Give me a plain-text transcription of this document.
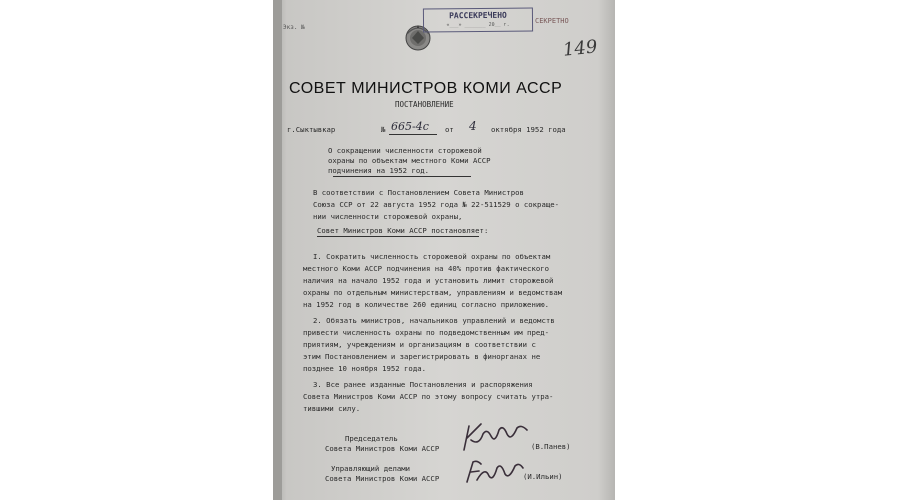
Экз. №
РАССЕКРЕЧЕНО
«___» _______ 20__ г.	СЕКРЕТНО
149
СОВЕТ МИНИСТРОВ КОМИ АССР
ПОСТАНОВЛЕНИЕ
г.Сыктывкар	№ 665-4с от 4 октября 1952 года
О сокращении численности сторожевой
охраны по объектам местного Коми АССР
подчинения на 1952 год.
В соответствии с Постановлением Совета Министров
Союза ССР от 22 августа 1952 года № 22-511529 о сокраще-
нии численности сторожевой охраны,
Совет Министров Коми АССР постановляет:
I. Сократить численность сторожевой охраны по объектам
местного Коми АССР подчинения на 40% против фактического
наличия на начало 1952 года и установить лимит сторожевой
охраны по отдельным министерствам, управлениям и ведомствам
на 1952 год в количестве 260 единиц согласно приложению.
2. Обязать министров, начальников управлений и ведомств
привести численность охраны по подведомственным им пред-
приятиям, учреждениям и организациям в соответствии с
этим Постановлением и зарегистрировать в финорганах не
позднее 10 ноября 1952 года.
3. Все ранее изданные Постановления и распоряжения
Совета Министров Коми АССР по этому вопросу считать утра-
тившими силу.
Председатель
Совета Министров Коми АССР	(В.Панев)
Управляющий делами
Совета Министров Коми АССР	(И.Ильин)
